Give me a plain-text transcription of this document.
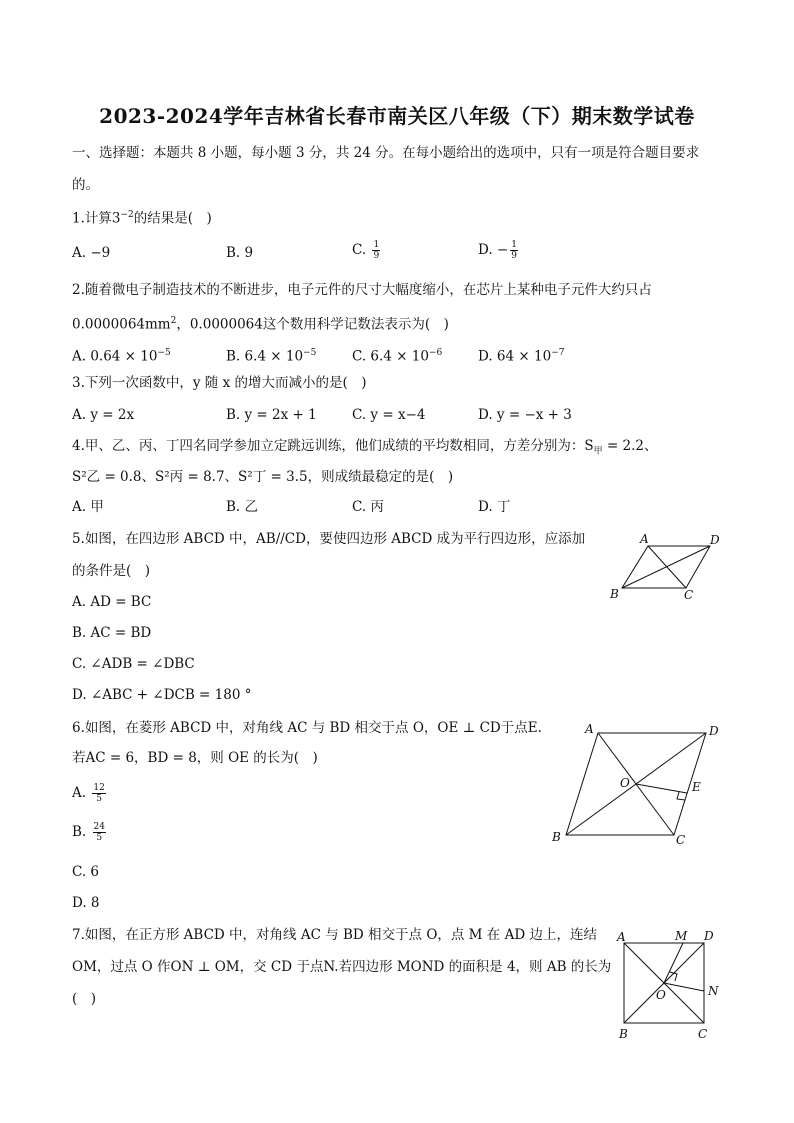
2023-2024学年吉林省长春市南关区八年级（下）期末数学试卷
一、选择题：本题共 8 小题，每小题 3 分，共 24 分。在每小题给出的选项中，只有一项是符合题目要求
的。
1.计算$3^{-2}$的结果是(　)
A. −9	B. 9	C. $\frac{1}{9}$	D. − $\frac{1}{9}$
2.随着微电子制造技术的不断进步，电子元件的尺寸大幅度缩小，在芯片上某种电子元件大约只占
$0.0000064mm^2$，0.0000064这个数用科学记数法表示为(　)
A. $0.64 \times 10^{-5}$	B. $6.4 \times 10^{-5}$	C. $6.4 \times 10^{-6}$	D. $64 \times 10^{-7}$
3.下列一次函数中，y 随 x 的增大而减小的是(　)
A. y = 2x	B. y = 2x + 1	C. y = x−4	D. y = −x + 3
4.甲、乙、丙、丁四名同学参加立定跳远训练，他们成绩的平均数相同，方差分别为：$S_甲 = 2.2$、
S²乙 = 0.8、S²丙 = 8.7、S²丁 = 3.5，则成绩最稳定的是(　)
A. 甲	B. 乙	C. 丙	D. 丁
5.如图，在四边形 ABCD 中，AB//CD，要使四边形 ABCD 成为平行四边形，应添加
的条件是(　)
A. AD = BC
B. AC = BD
C. ∠ADB = ∠DBC
D. ∠ABC + ∠DCB = 180 °
A	D
B	C
A	D
O	E
B	C
A	M D
O	N
B	C
6.如图，在菱形 ABCD 中，对角线 AC 与 BD 相交于点 O，OE ⊥ CD于点E.
若AC = 6，BD = 8，则 OE 的长为(　)
A. $\frac{12}{5}$
B. $\frac{24}{5}$
C. 6
D. 8
7.如图，在正方形 ABCD 中，对角线 AC 与 BD 相交于点 O，点 M 在 AD 边上，连结
OM，过点 O 作ON ⊥ OM，交 CD 于点N.若四边形 MOND 的面积是 4，则 AB 的长为
(　)
